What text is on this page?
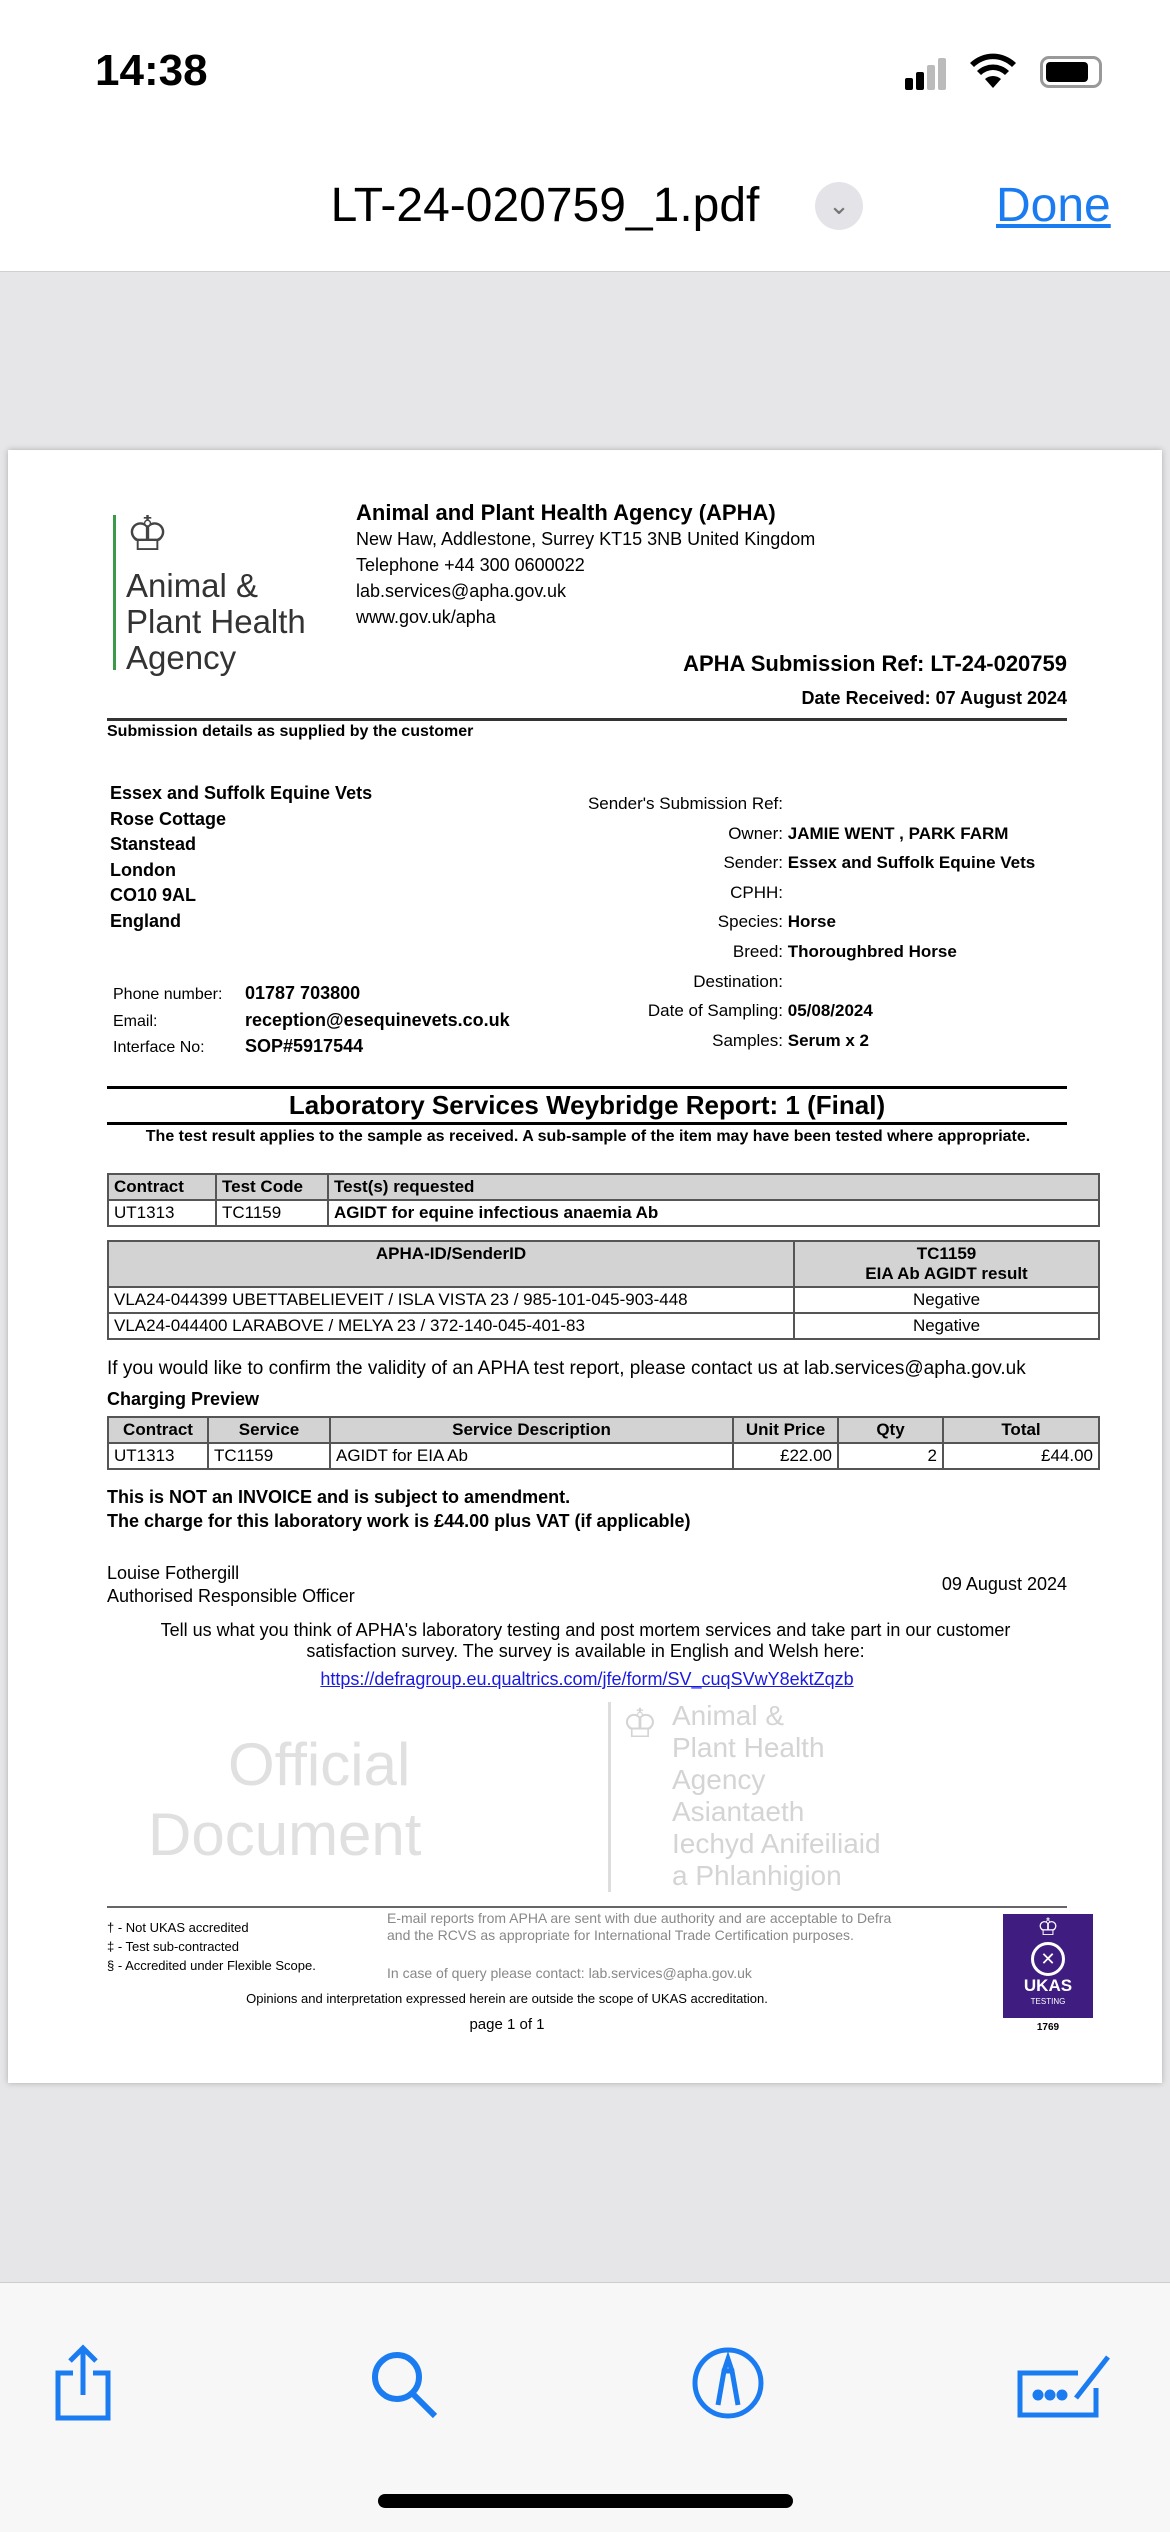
14:38
LT-24-020759_1.pdf	⌄	Done
♔ Animal &
Plant Health
Agency
Asiantaeth
Iechyd Anifeiliaid
a Phlanhigion
Official
Document
♔
Animal &
Plant Health
Agency
Animal and Plant Health Agency (APHA)
New Haw, Addlestone, Surrey KT15 3NB United Kingdom
Telephone +44 300 0600022
lab.services@apha.gov.uk
www.gov.uk/apha
APHA Submission Ref: LT-24-020759
Date Received: 07 August 2024
Submission details as supplied by the customer
Essex and Suffolk Equine Vets
Rose Cottage
Stanstead
London
CO10 9AL
England
Phone number: 01787 703800
Email:	reception@esequinevets.co.uk
Interface No: SOP#5917544
Sender's Submission Ref:
Owner: JAMIE WENT , PARK FARM
Sender: Essex and Suffolk Equine Vets
CPHH:
Species: Horse
Breed: Thoroughbred Horse
Destination:
Date of Sampling: 05/08/2024
Samples: Serum x 2
Laboratory Services Weybridge Report: 1 (Final)
The test result applies to the sample as received. A sub-sample of the item may have been tested where appropriate.
Contract	Test Code	Test(s) requested
UT1313	TC1159	AGIDT for equine infectious anaemia Ab
APHA-ID/SenderID	TC1159
EIA Ab AGIDT result

VLA24-044399 UBETTABELIEVEIT / ISLA VISTA 23 / 985-101-045-903-448	Negative
VLA24-044400 LARABOVE / MELYA 23 / 372-140-045-401-83	Negative
If you would like to confirm the validity of an APHA test report, please contact us at lab.services@apha.gov.uk
Charging Preview
Contract	Service	Service Description	Unit Price	Qty	Total
UT1313	TC1159	AGIDT for EIA Ab	£22.00	2	£44.00
This is NOT an INVOICE and is subject to amendment.
The charge for this laboratory work is £44.00 plus VAT (if applicable)
Louise Fothergill
Authorised Responsible Officer
09 August 2024
Tell us what you think of APHA's laboratory testing and post mortem services and take part in our customer satisfaction survey. The survey is available in English and Welsh here:
https://defragroup.eu.qualtrics.com/jfe/form/SV_cuqSVwY8ektZqzb
† - Not UKAS accredited
‡ - Test sub-contracted
§ - Accredited under Flexible Scope.
E-mail reports from APHA are sent with due authority and are acceptable to Defra and the RCVS as appropriate for International Trade Certification purposes.
In case of query please contact: lab.services@apha.gov.uk
Opinions and interpretation expressed herein are outside the scope of UKAS accreditation.
page 1 of 1
♔
✕
UKAS
TESTING
1769
